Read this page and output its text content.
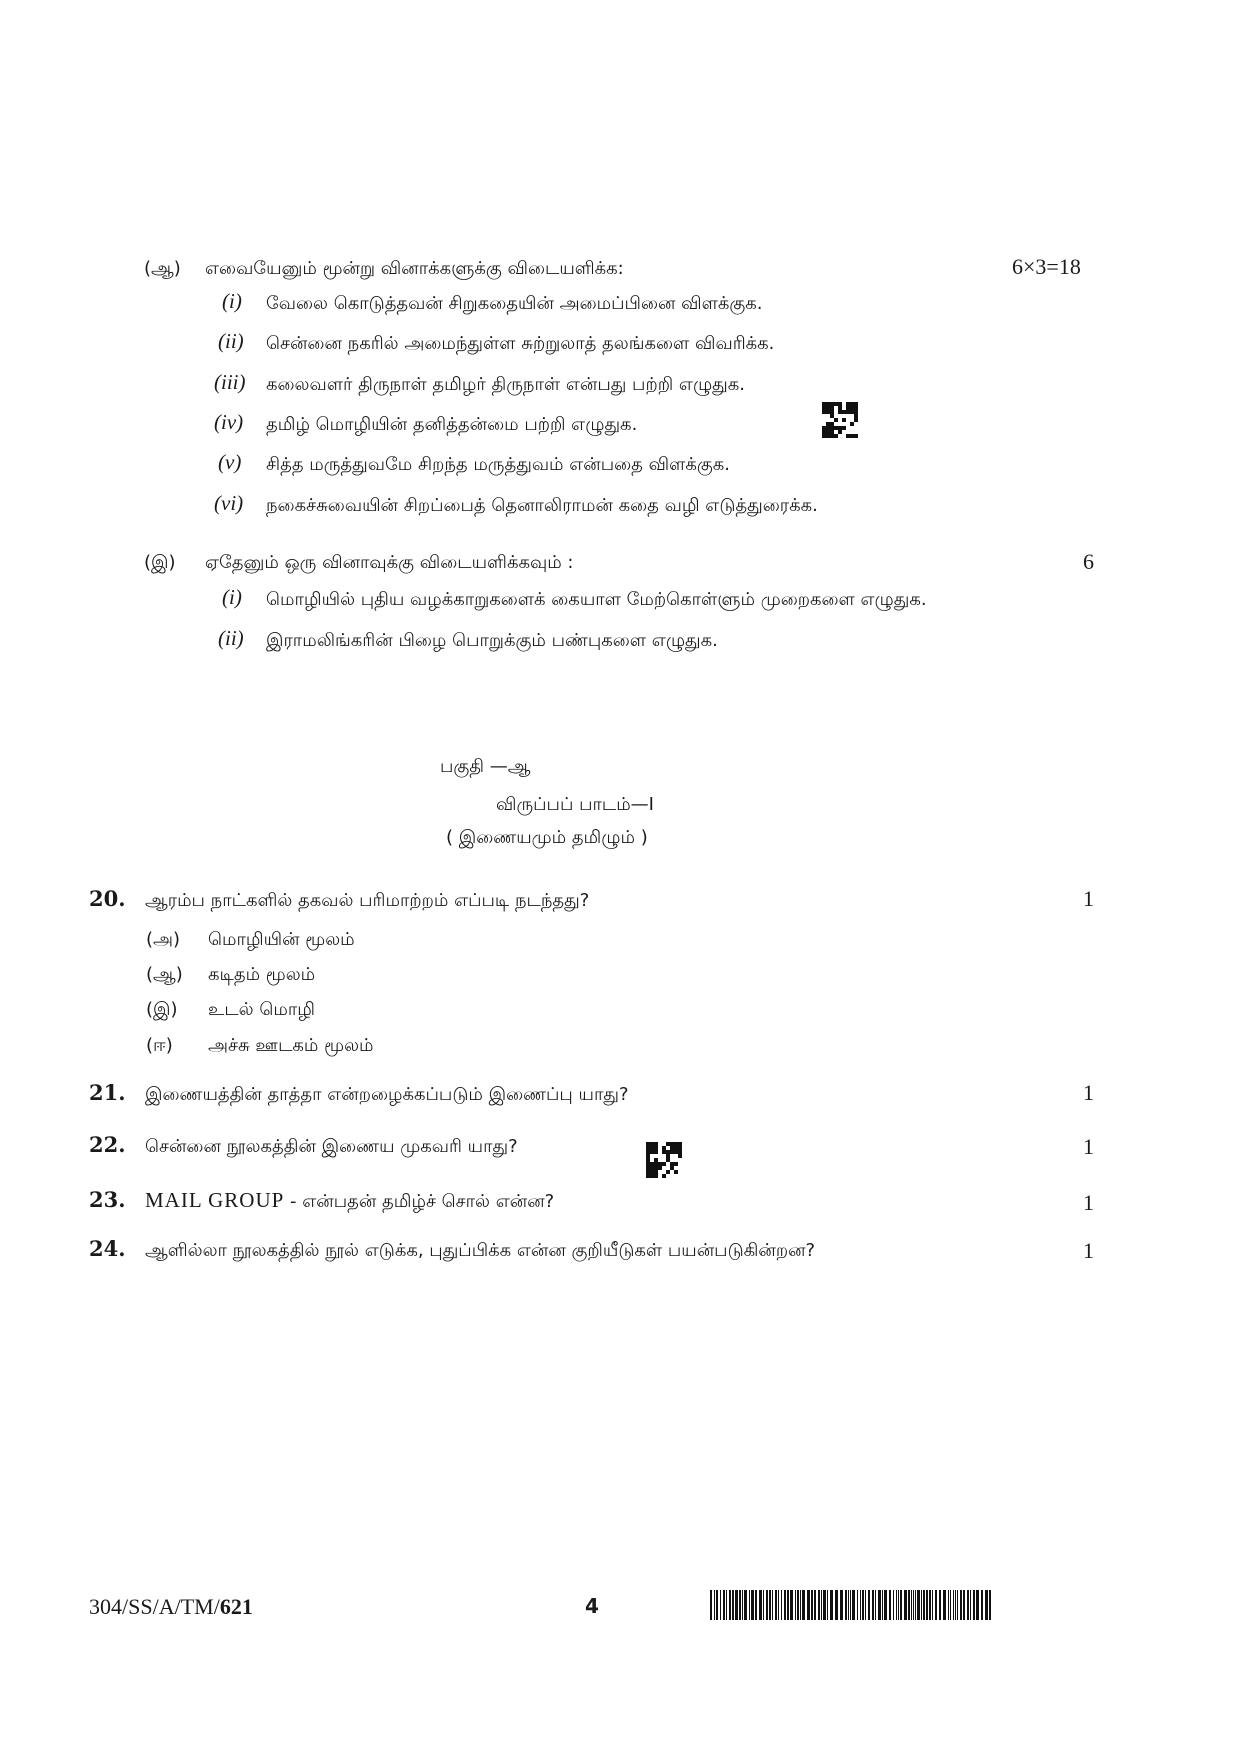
(ஆ) எவையேனும் மூன்று வினாக்களுக்கு விடையளிக்க:	6×3=18
(i) வேலை கொடுத்தவன் சிறுகதையின் அமைப்பினை விளக்குக.
(ii) சென்னை நகரில் அமைந்துள்ள சுற்றுலாத் தலங்களை விவரிக்க.
(iii) கலைவளர் திருநாள் தமிழர் திருநாள் என்பது பற்றி எழுதுக.
(iv) தமிழ் மொழியின் தனித்தன்மை பற்றி எழுதுக.
(v) சித்த மருத்துவமே சிறந்த மருத்துவம் என்பதை விளக்குக.
(vi) நகைச்சுவையின் சிறப்பைத் தெனாலிராமன் கதை வழி எடுத்துரைக்க.
(இ) ஏதேனும் ஒரு வினாவுக்கு விடையளிக்கவும் :	6
(i) மொழியில் புதிய வழக்காறுகளைக் கையாள மேற்கொள்ளும் முறைகளை எழுதுக.
(ii) இராமலிங்கரின் பிழை பொறுக்கும் பண்புகளை எழுதுக.
பகுதி —ஆ
விருப்பப் பாடம்—I
( இணையமும் தமிழும் )
20. ஆரம்ப நாட்களில் தகவல் பரிமாற்றம் எப்படி நடந்தது?	1
(அ) மொழியின் மூலம்
(ஆ) கடிதம் மூலம்
(இ) உடல் மொழி
(ஈ) அச்சு ஊடகம் மூலம்
21. இணையத்தின் தாத்தா என்றழைக்கப்படும் இணைப்பு யாது?	1
22. சென்னை நூலகத்தின் இணைய முகவரி யாது?	1
23. MAIL GROUP - என்பதன் தமிழ்ச் சொல் என்ன?	1
24. ஆளில்லா நூலகத்தில் நூல் எடுக்க, புதுப்பிக்க என்ன குறியீடுகள் பயன்படுகின்றன?	1
304/SS/A/TM/621	4
